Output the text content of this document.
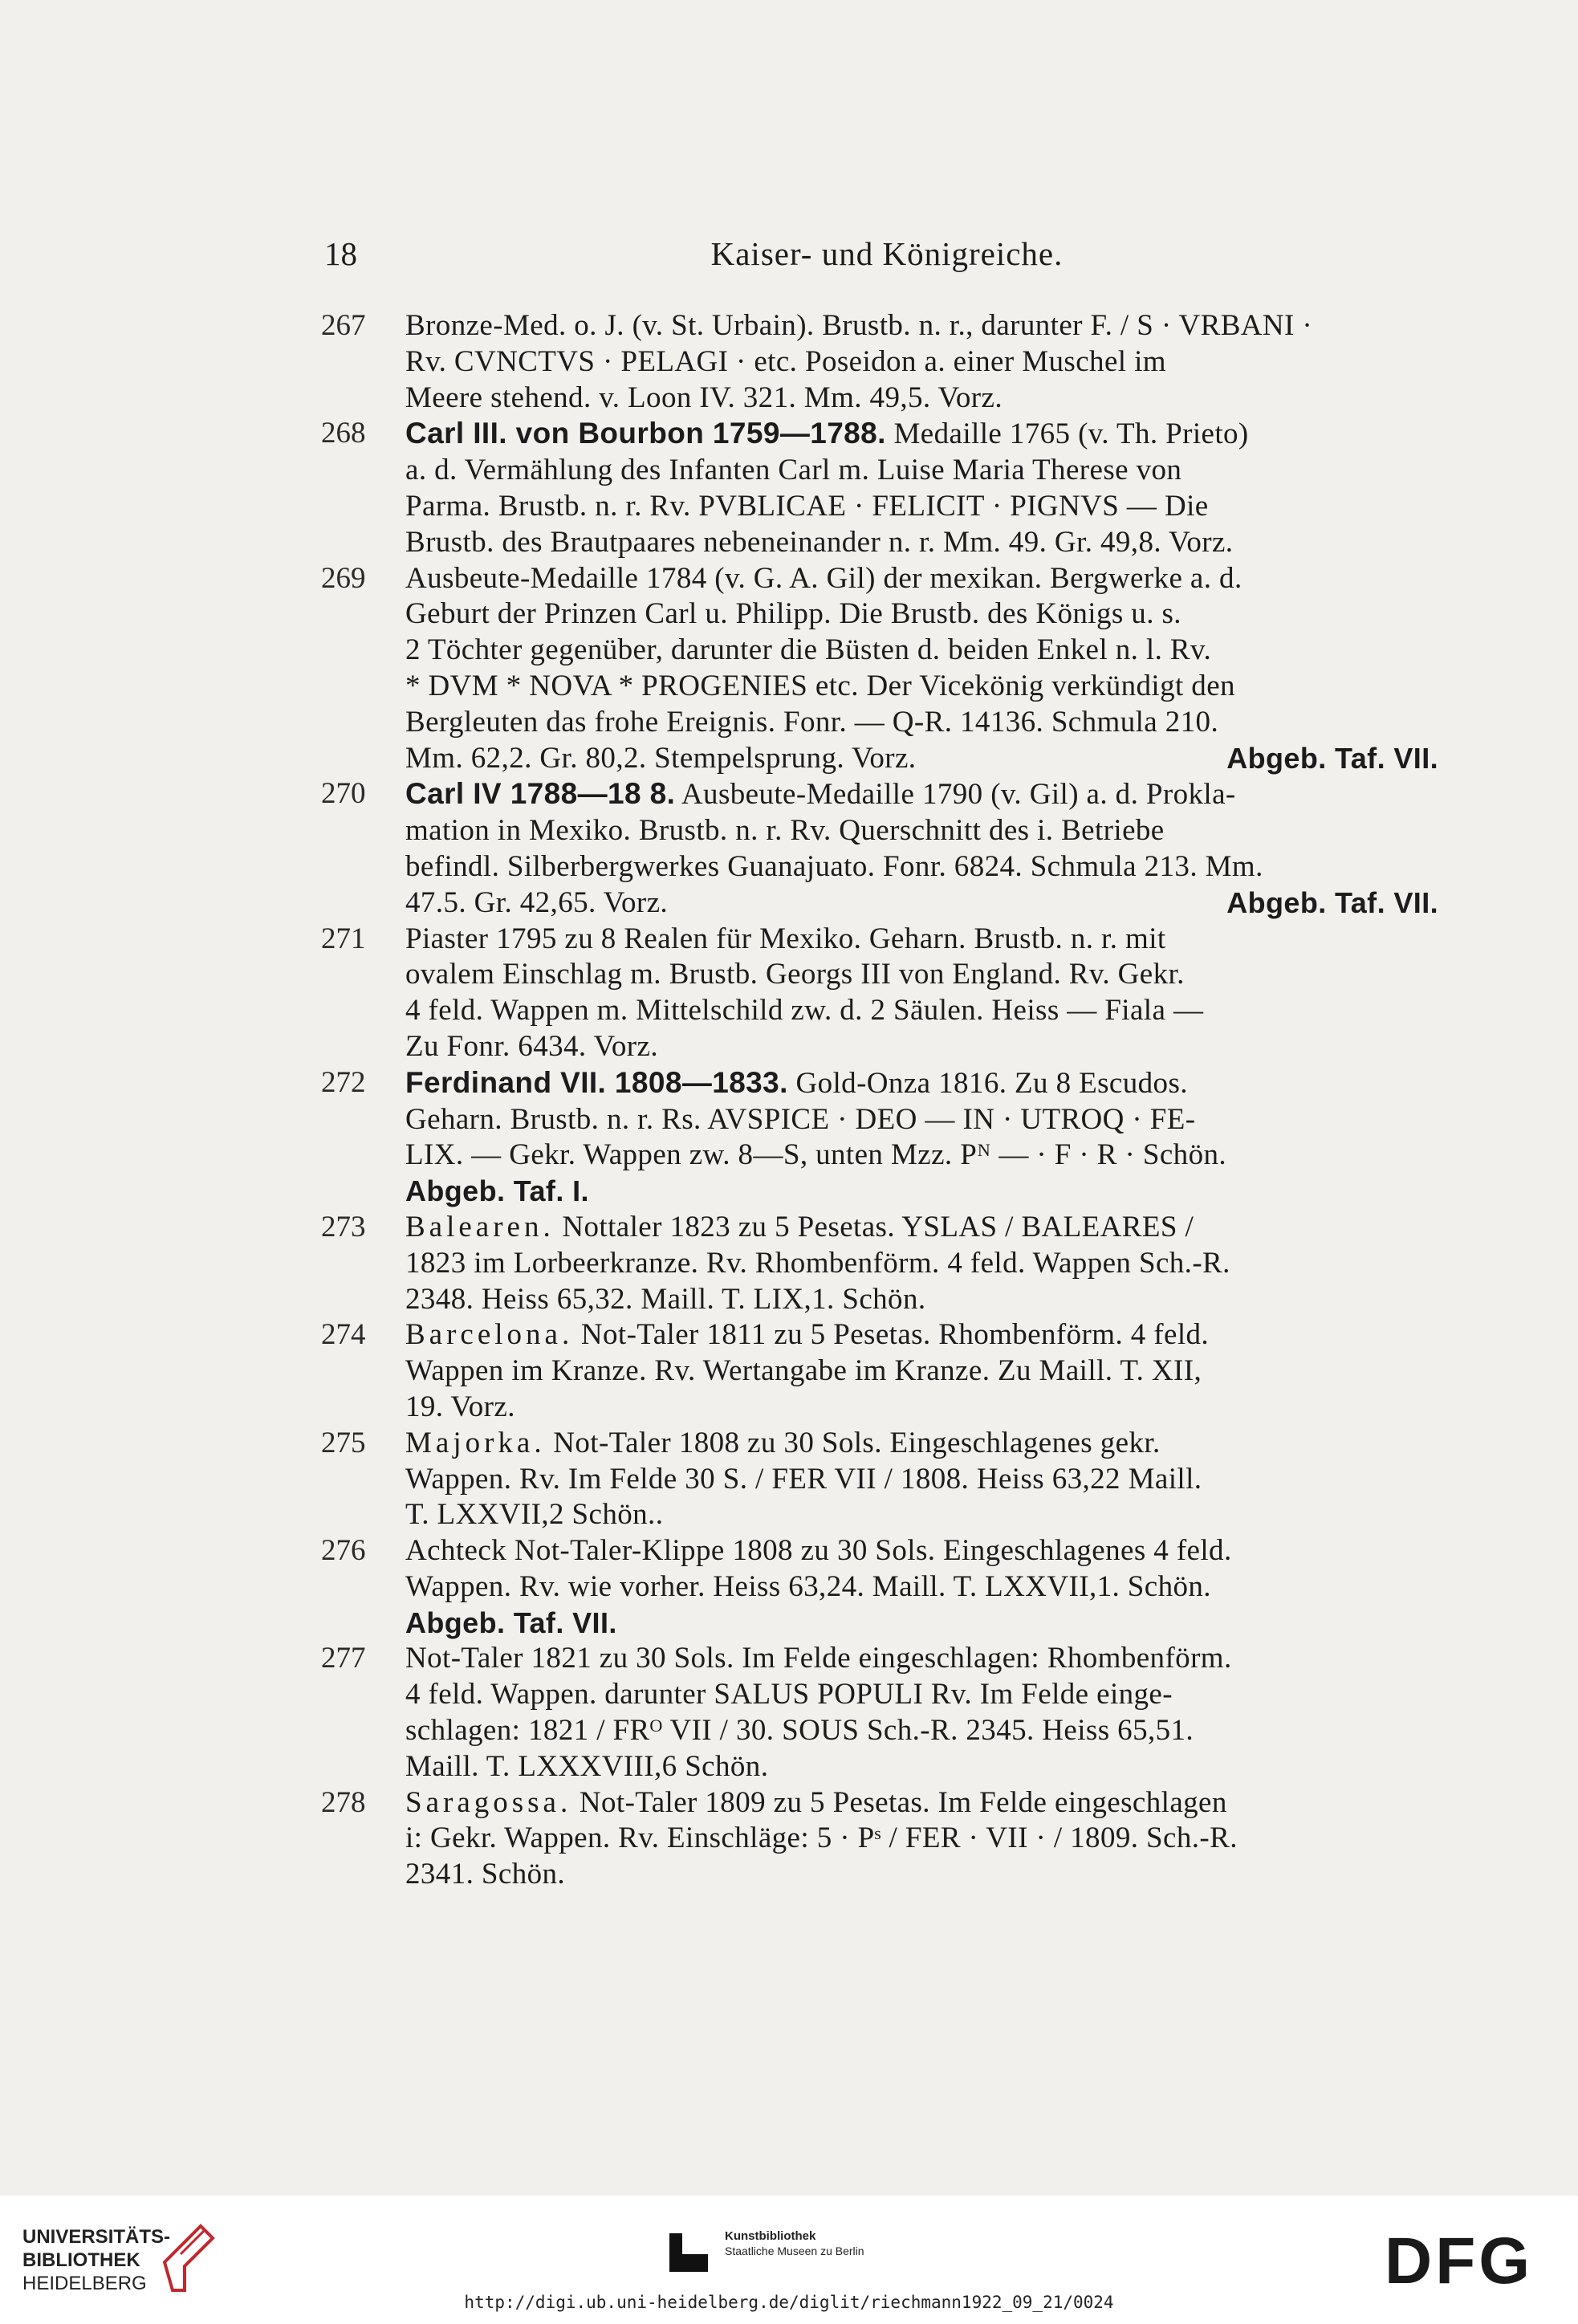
18	Kaiser- und Königreiche.
267	Bronze-Med. o. J. (v. St. Urbain). Brustb. n. r., darunter F. / S · VRBANI ·
Rv. CVNCTVS · PELAGI · etc. Poseidon a. einer Muschel im
Meere stehend. v. Loon IV. 321. Mm. 49,5. Vorz.
268	Carl III. von Bourbon 1759—1788. Medaille 1765 (v. Th. Prieto)
a. d. Vermählung des Infanten Carl m. Luise Maria Therese von
Parma. Brustb. n. r. Rv. PVBLICAE · FELICIT · PIGNVS — Die
Brustb. des Brautpaares nebeneinander n. r. Mm. 49. Gr. 49,8. Vorz.
269	Ausbeute-Medaille 1784 (v. G. A. Gil) der mexikan. Bergwerke a. d.
Geburt der Prinzen Carl u. Philipp. Die Brustb. des Königs u. s.
2 Töchter gegenüber, darunter die Büsten d. beiden Enkel n. l. Rv.
* DVM * NOVA * PROGENIES etc. Der Vicekönig verkündigt den
Bergleuten das frohe Ereignis. Fonr. — Q-R. 14136. Schmula 210.
Mm. 62,2. Gr. 80,2. Stempelsprung. Vorz.	Abgeb. Taf. VII.
270	Carl IV 1788—18 8. Ausbeute-Medaille 1790 (v. Gil) a. d. Prokla-
mation in Mexiko. Brustb. n. r. Rv. Querschnitt des i. Betriebe
befindl. Silberbergwerkes Guanajuato. Fonr. 6824. Schmula 213. Mm.
47.5. Gr. 42,65. Vorz.	Abgeb. Taf. VII.
271	Piaster 1795 zu 8 Realen für Mexiko. Geharn. Brustb. n. r. mit
ovalem Einschlag m. Brustb. Georgs III von England. Rv. Gekr.
4 feld. Wappen m. Mittelschild zw. d. 2 Säulen. Heiss — Fiala —
Zu Fonr. 6434. Vorz.
272	Ferdinand VII. 1808—1833. Gold-Onza 1816. Zu 8 Escudos.
Geharn. Brustb. n. r. Rs. AVSPICE · DEO — IN · UTROQ · FE-
LIX. — Gekr. Wappen zw. 8—S, unten Mzz. Pᴺ — · F · R · Schön.
Abgeb. Taf. I.
273	Balearen. Nottaler 1823 zu 5 Pesetas. YSLAS / BALEARES /
1823 im Lorbeerkranze. Rv. Rhombenförm. 4 feld. Wappen Sch.-R.
2348. Heiss 65,32. Maill. T. LIX,1. Schön.
274	Barcelona. Not-Taler 1811 zu 5 Pesetas. Rhombenförm. 4 feld.
Wappen im Kranze. Rv. Wertangabe im Kranze. Zu Maill. T. XII,
19. Vorz.
275	Majorka. Not-Taler 1808 zu 30 Sols. Eingeschlagenes gekr.
Wappen. Rv. Im Felde 30 S. / FER VII / 1808. Heiss 63,22 Maill.
T. LXXVII,2 Schön..
276	Achteck Not-Taler-Klippe 1808 zu 30 Sols. Eingeschlagenes 4 feld.
Wappen. Rv. wie vorher. Heiss 63,24. Maill. T. LXXVII,1. Schön.
Abgeb. Taf. VII.
277	Not-Taler 1821 zu 30 Sols. Im Felde eingeschlagen: Rhombenförm.
4 feld. Wappen. darunter SALUS POPULI Rv. Im Felde einge-
schlagen: 1821 / FRᴼ VII / 30. SOUS Sch.-R. 2345. Heiss 65,51.
Maill. T. LXXXVIII,6 Schön.
278	Saragossa. Not-Taler 1809 zu 5 Pesetas. Im Felde eingeschlagen
i: Gekr. Wappen. Rv. Einschläge: 5 · Pˢ / FER · VII · / 1809. Sch.-R.
2341. Schön.
UNIVERSITÄTS-
BIBLIOTHEK
HEIDELBERG
Kunstbibliothek
Staatliche Museen zu Berlin	DFG
http://digi.ub.uni-heidelberg.de/diglit/riechmann1922_09_21/0024
